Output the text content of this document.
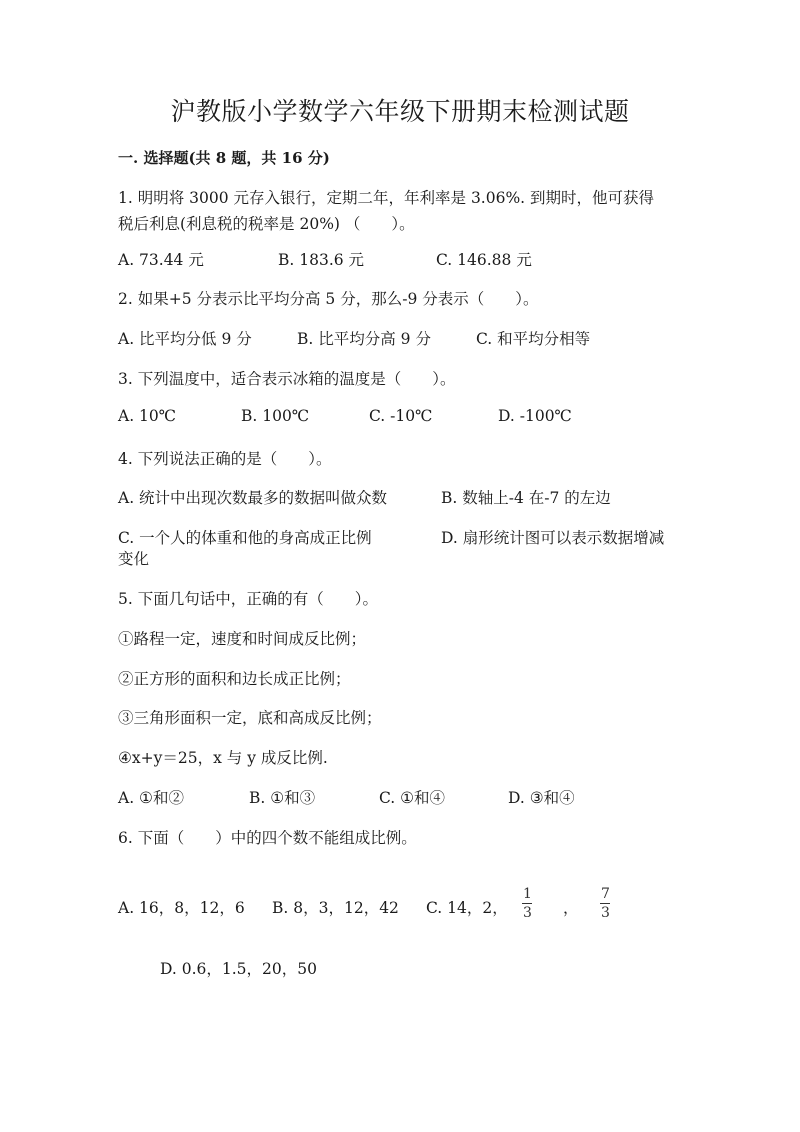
沪教版小学数学六年级下册期末检测试题
一. 选择题(共 8 题，共 16 分)
1. 明明将 3000 元存入银行，定期二年，年利率是 3.06%. 到期时，他可获得
税后利息(利息税的税率是 20%) （　　）。
A. 73.44 元	B. 183.6 元	C. 146.88 元
2. 如果+5 分表示比平均分高 5 分，那么-9 分表示（　　）。
A. 比平均分低 9 分	B. 比平均分高 9 分	C. 和平均分相等
3. 下列温度中，适合表示冰箱的温度是（　　）。
A. 10℃	B. 100℃	C. -10℃	D. -100℃
4. 下列说法正确的是（　　）。
A. 统计中出现次数最多的数据叫做众数	B. 数轴上-4 在-7 的左边
C. 一个人的体重和他的身高成正比例	D. 扇形统计图可以表示数据增减
变化
5. 下面几句话中，正确的有（　　）。
①路程一定，速度和时间成反比例；
②正方形的面积和边长成正比例；
③三角形面积一定，底和高成反比例；
④x+y＝25，x 与 y 成反比例.
A. ①和②	B. ①和③	C. ①和④	D. ③和④
6. 下面（　　）中的四个数不能组成比例。
A. 16，8，12，6 B. 8，3，12，42 C. 14，2，
1
3 ，
7
3
D. 0.6，1.5，20，50
